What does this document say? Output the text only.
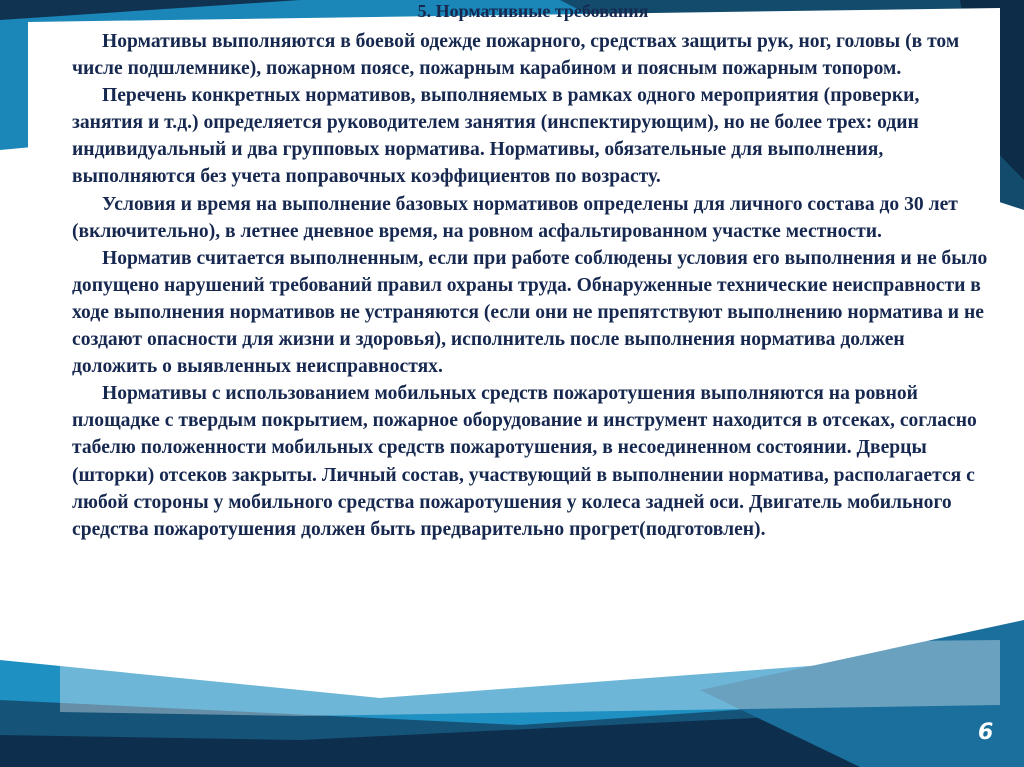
5. Нормативные требования

Нормативы выполняются в боевой одежде пожарного, средствах защиты рук, ног, головы (в том числе подшлемнике), пожарном поясе, пожарным карабином и поясным пожарным топором.

Перечень конкретных нормативов, выполняемых в рамках одного мероприятия (проверки, занятия и т.д.) определяется руководителем занятия (инспектирующим), но не более трех: один индивидуальный и два групповых норматива. Нормативы, обязательные для выполнения, выполняются без учета поправочных коэффициентов по возрасту.

Условия и время на выполнение базовых нормативов определены для личного состава до 30 лет (включительно), в летнее дневное время, на ровном асфальтированном участке местности.

Норматив считается выполненным, если при работе соблюдены условия его выполнения и не было допущено нарушений требований правил охраны труда. Обнаруженные технические неисправности в ходе выполнения нормативов не устраняются (если они не препятствуют выполнению норматива и не создают опасности для жизни и здоровья), исполнитель после выполнения норматива должен доложить о выявленных неисправностях.

Нормативы с использованием мобильных средств пожаротушения выполняются на ровной площадке с твердым покрытием, пожарное оборудование и инструмент находится в отсеках, согласно табелю положенности мобильных средств пожаротушения, в несоединенном состоянии. Дверцы (шторки) отсеков закрыты. Личный состав, участвующий в выполнении норматива, располагается с любой стороны у мобильного средства пожаротушения у колеса задней оси. Двигатель мобильного средства пожаротушения должен быть предварительно прогрет(подготовлен).

6
